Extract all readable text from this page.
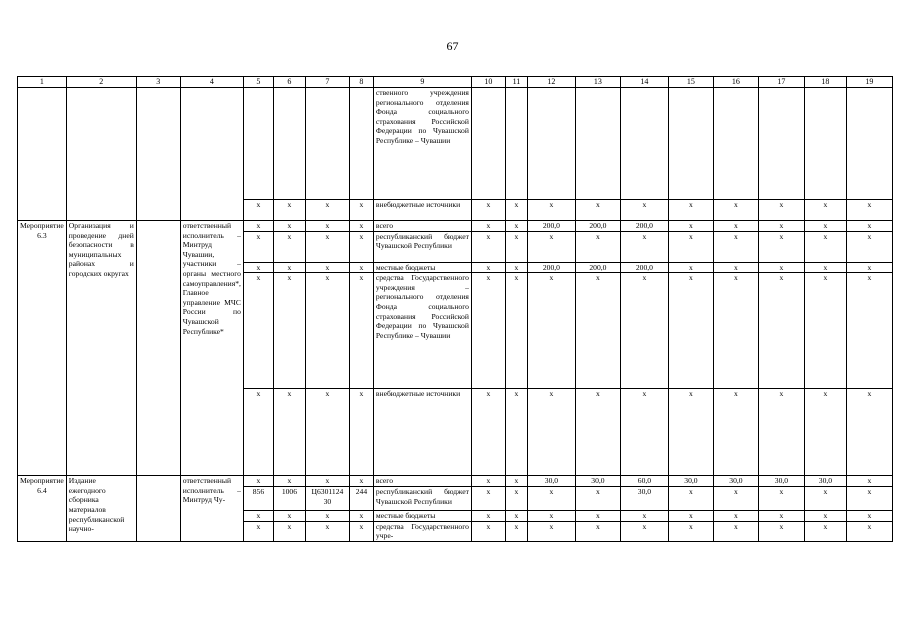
67
1	2	3	4	5	6	7	8	9	10	11	12	13	14	15	16	17	18	19
								ственного учреждения регионального отделения Фонда социального страхования Российской Федерации по Чувашской Республике – Чувашии										
				x	x	x	x	внебюджетные источники	x	x	x	x	x	x	x	x	x	x
Мероприятие 6.3	Организация и проведение дней безопасности в муниципальных районах и городских округах		ответственный исполнитель – Минтруд Чувашии, участники – органы местного самоуправления*, Главное управление МЧС России по Чувашской Республике*	x	x	x	x	всего	x	x	200,0	200,0	200,0	x	x	x	x	x
				x	x	x	x	республиканский бюджет Чувашской Республики	x	x	x	x	x	x	x	x	x	x
				x	x	x	x	местные бюджеты	x	x	200,0	200,0	200,0	x	x	x	x	x
				x	x	x	x	средства Государственного учреждения – регионального отделения Фонда социального страхования Российской Федерации по Чувашской Республике – Чувашии	x	x	x	x	x	x	x	x	x	x
				x	x	x	x	внебюджетные источники	x	x	x	x	x	x	x	x	x	x
Мероприятие 6.4	Издание ежегодного сборника материалов республиканской научно-		ответственный исполнитель – Минтруд Чу-	x	x	x	x	всего	x	x	30,0	30,0	60,0	30,0	30,0	30,0	30,0	x
				856	1006	Ц6301124 30	244	республиканский бюджет Чувашской Республики	x	x	x	x	30,0	x	x	x	x	x
				x	x	x	x	местные бюджеты	x	x	x	x	x	x	x	x	x	x
				x	x	x	x	средства Государственного учре-	x	x	x	x	x	x	x	x	x	x
